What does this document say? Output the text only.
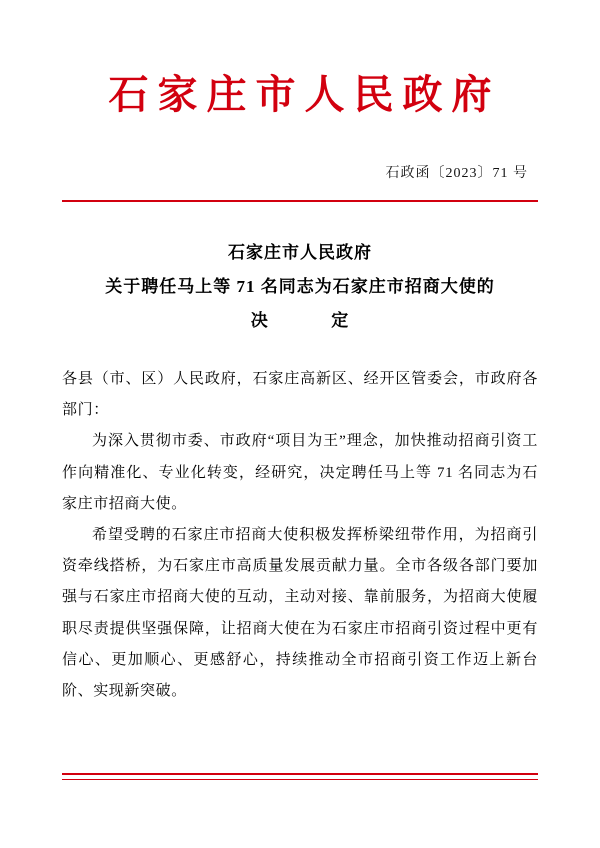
石家庄市人民政府
石政函〔2023〕71 号
石家庄市人民政府
关于聘任马上等 71 名同志为石家庄市招商大使的
决	定

各县（市、区）人民政府，石家庄高新区、经开区管委会，市政府各部门：

为深入贯彻市委、市政府“项目为王”理念，加快推动招商引资工作向精准化、专业化转变，经研究，决定聘任马上等 71 名同志为石家庄市招商大使。

希望受聘的石家庄市招商大使积极发挥桥梁纽带作用，为招商引资牵线搭桥，为石家庄市高质量发展贡献力量。全市各级各部门要加强与石家庄市招商大使的互动，主动对接、靠前服务，为招商大使履职尽责提供坚强保障，让招商大使在为石家庄市招商引资过程中更有信心、更加顺心、更感舒心，持续推动全市招商引资工作迈上新台阶、实现新突破。
